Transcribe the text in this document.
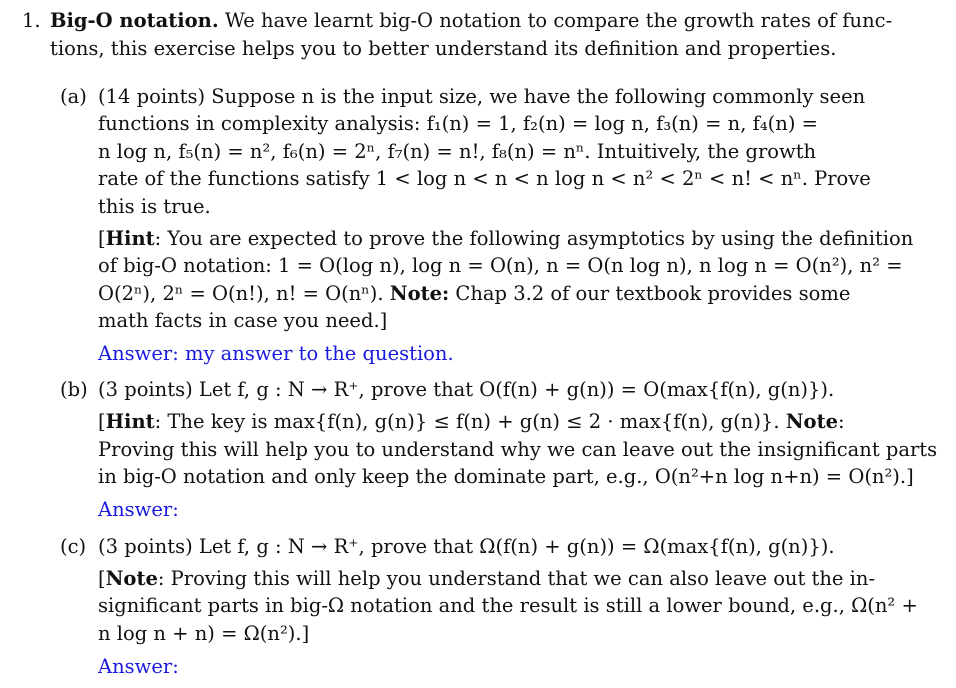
1. Big-O notation. We have learnt big-O notation to compare the growth rates of func-
tions, this exercise helps you to better understand its definition and properties.
(a) (14 points) Suppose n is the input size, we have the following commonly seen
functions in complexity analysis: f₁(n) = 1, f₂(n) = log n, f₃(n) = n, f₄(n) =
n log n, f₅(n) = n², f₆(n) = 2ⁿ, f₇(n) = n!, f₈(n) = nⁿ. Intuitively, the growth
rate of the functions satisfy 1 < log n < n < n log n < n² < 2ⁿ < n! < nⁿ. Prove
this is true.
[Hint: You are expected to prove the following asymptotics by using the definition
of big-O notation: 1 = O(log n), log n = O(n), n = O(n log n), n log n = O(n²), n² =
O(2ⁿ), 2ⁿ = O(n!), n! = O(nⁿ). Note: Chap 3.2 of our textbook provides some
math facts in case you need.]
Answer: my answer to the question.
(b) (3 points) Let f, g : N → R⁺, prove that O(f(n) + g(n)) = O(max{f(n), g(n)}).
[Hint: The key is max{f(n), g(n)} ≤ f(n) + g(n) ≤ 2 · max{f(n), g(n)}. Note:
Proving this will help you to understand why we can leave out the insignificant parts
in big-O notation and only keep the dominate part, e.g., O(n²+n log n+n) = O(n²).]
Answer:
(c) (3 points) Let f, g : N → R⁺, prove that Ω(f(n) + g(n)) = Ω(max{f(n), g(n)}).
[Note: Proving this will help you understand that we can also leave out the in-
significant parts in big-Ω notation and the result is still a lower bound, e.g., Ω(n² +
n log n + n) = Ω(n²).]
Answer:
